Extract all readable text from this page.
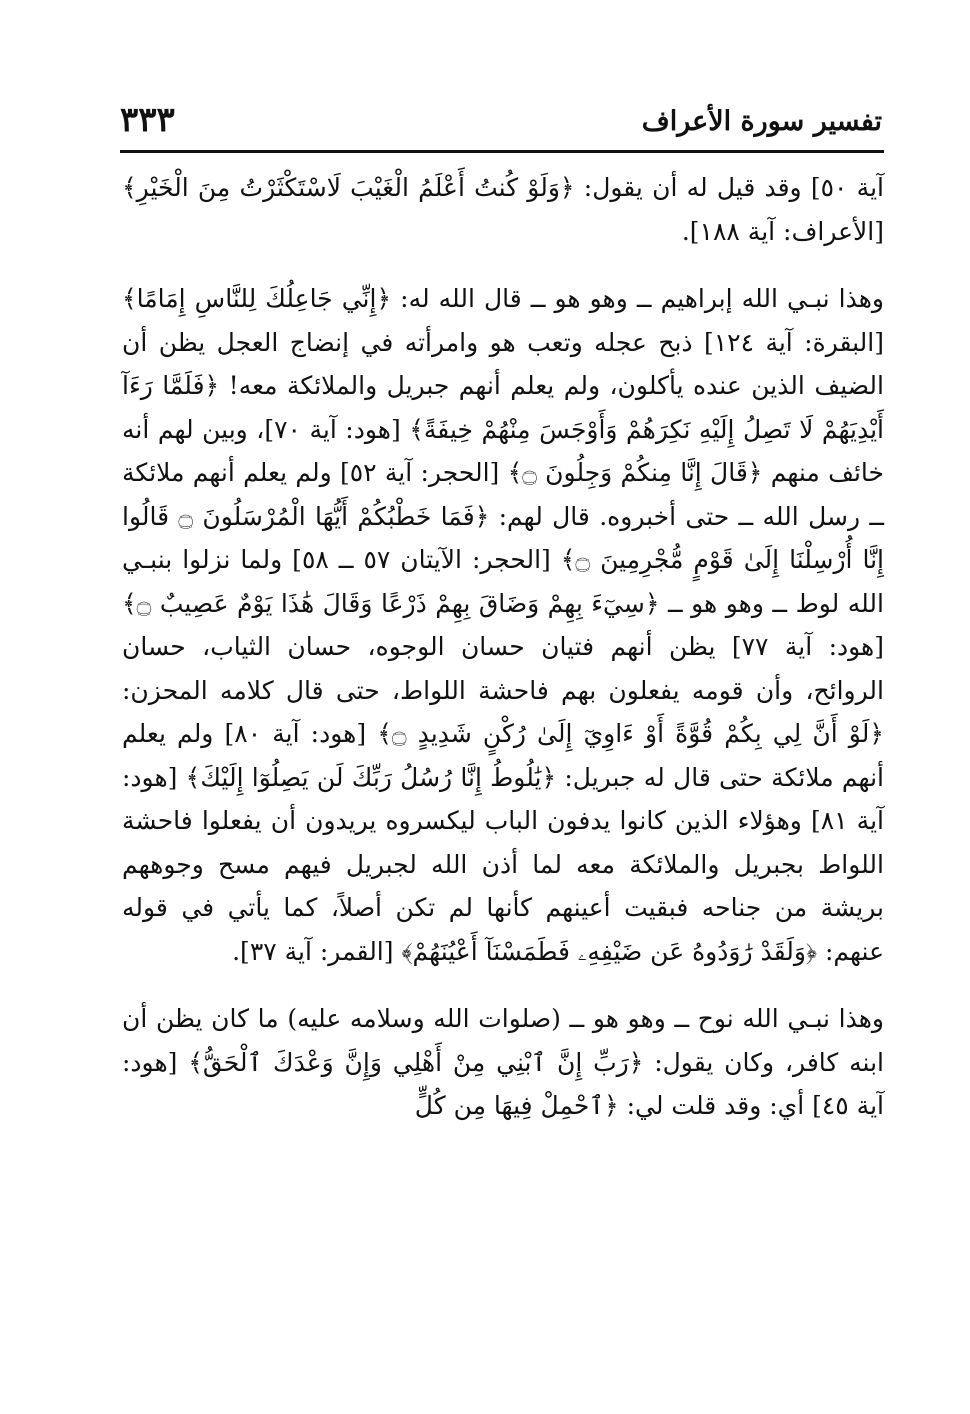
تفسير سورة الأعراف
٣٣٣

آية ٥٠] وقد قيل له أن يقول: ﴿وَلَوْ كُنتُ أَعْلَمُ الْغَيْبَ لَاسْتَكْثَرْتُ مِنَ الْخَيْرِ﴾ [الأعراف: آية ١٨٨].

وهذا نبـي الله إبراهيم ــ وهو هو ــ قال الله له: ﴿إِنِّي جَاعِلُكَ لِلنَّاسِ إِمَامًا﴾ [البقرة: آية ١٢٤] ذبح عجله وتعب هو وامرأته في إنضاج العجل يظن أن الضيف الذين عنده يأكلون، ولم يعلم أنهم جبريل والملائكة معه! ﴿فَلَمَّا رَءَآ أَيْدِيَهُمْ لَا تَصِلُ إِلَيْهِ نَكِرَهُمْ وَأَوْجَسَ مِنْهُمْ خِيفَةً﴾ [هود: آية ٧٠]، وبين لهم أنه خائف منهم ﴿قَالَ إِنَّا مِنكُمْ وَجِلُونَ ۝﴾ [الحجر: آية ٥٢] ولم يعلم أنهم ملائكة ــ رسل الله ــ حتى أخبروه. قال لهم: ﴿فَمَا خَطْبُكُمْ أَيُّهَا الْمُرْسَلُونَ ۝ قَالُوا إِنَّا أُرْسِلْنَا إِلَىٰ قَوْمٍ مُّجْرِمِينَ ۝﴾ [الحجر: الآيتان ٥٧ ــ ٥٨] ولما نزلوا بنبـي الله لوط ــ وهو هو ــ ﴿سِيٓءَ بِهِمْ وَضَاقَ بِهِمْ ذَرْعًا وَقَالَ هَٰذَا يَوْمٌ عَصِيبٌ ۝﴾ [هود: آية ٧٧] يظن أنهم فتيان حسان الوجوه، حسان الثياب، حسان الروائح، وأن قومه يفعلون بهم فاحشة اللواط، حتى قال كلامه المحزن: ﴿لَوْ أَنَّ لِي بِكُمْ قُوَّةً أَوْ ءَاوِيٓ إِلَىٰ رُكْنٍ شَدِيدٍ ۝﴾ [هود: آية ٨٠] ولم يعلم أنهم ملائكة حتى قال له جبريل: ﴿يَٰلُوطُ إِنَّا رُسُلُ رَبِّكَ لَن يَصِلُوٓا إِلَيْكَ﴾ [هود: آية ٨١] وهؤلاء الذين كانوا يدفون الباب ليكسروه يريدون أن يفعلوا فاحشة اللواط بجبريل والملائكة معه لما أذن الله لجبريل فيهم مسح وجوههم بريشة من جناحه فبقيت أعينهم كأنها لم تكن أصلاً، كما يأتي في قوله عنهم: ﴿وَلَقَدْ رَٰوَدُوهُ عَن ضَيْفِهِۦ فَطَمَسْنَآ أَعْيُنَهُمْ﴾ [القمر: آية ٣٧].

وهذا نبـي الله نوح ــ وهو هو ــ (صلوات الله وسلامه عليه) ما كان يظن أن ابنه كافر، وكان يقول: ﴿رَبِّ إِنَّ ٱبْنِي مِنْ أَهْلِي وَإِنَّ وَعْدَكَ ٱلْحَقُّ﴾ [هود: آية ٤٥] أي: وقد قلت لي: ﴿ٱحْمِلْ فِيهَا مِن كُلٍّ
